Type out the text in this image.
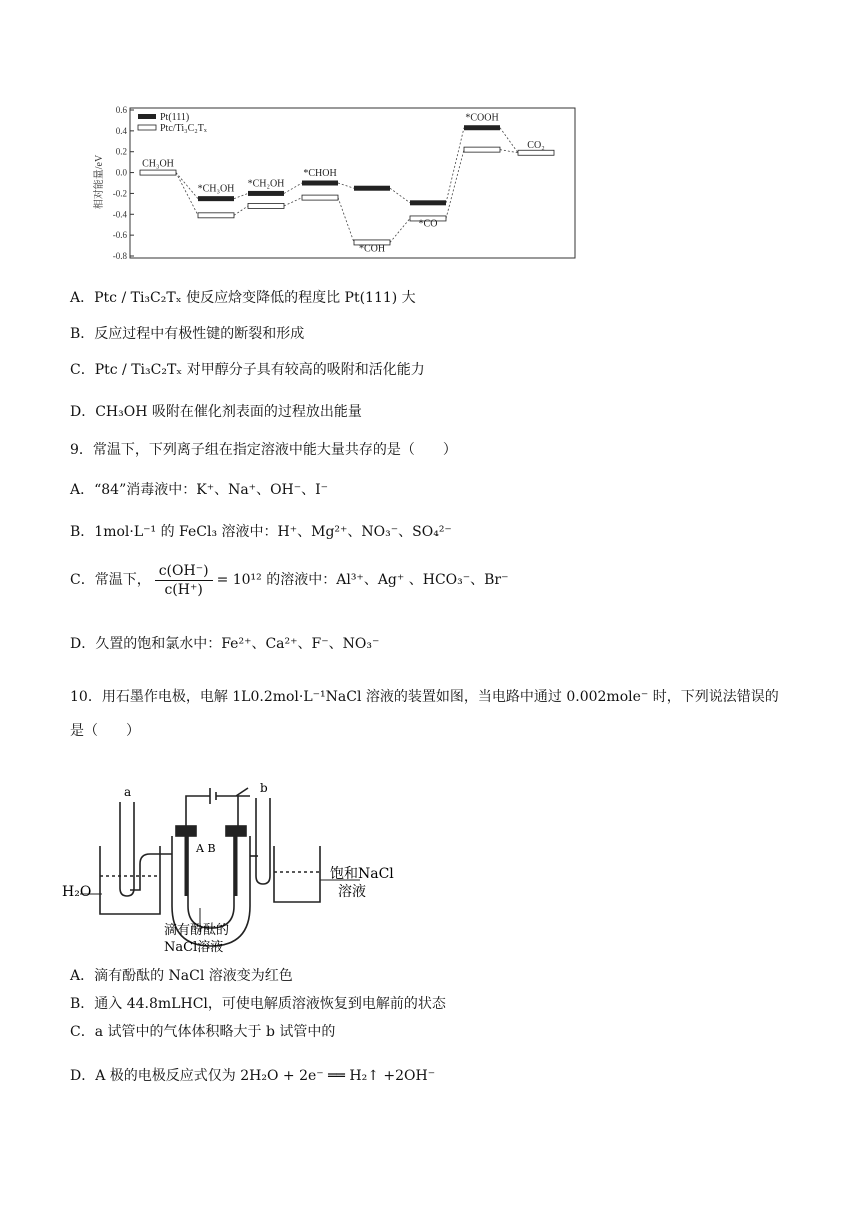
0.6
0.4
0.2
0.0
-0.2
-0.4
-0.6
-0.8
相对能量/eV
Pt(111)
Ptc/Ti₃C₂Tₓ
CH₃OH
*CH₃OH *CH₂OH
*CHOH
*COH
*CO
*COOH
CO₂
A．Ptc / Ti₃C₂Tₓ 使反应焓变降低的程度比 Pt(111) 大
B．反应过程中有极性键的断裂和形成
C．Ptc / Ti₃C₂Tₓ 对甲醇分子具有较高的吸附和活化能力
D．CH₃OH 吸附在催化剂表面的过程放出能量
9．常温下，下列离子组在指定溶液中能大量共存的是（　　）
A．“84”消毒液中：K⁺、Na⁺、OH⁻、I⁻
B．1mol·L⁻¹ 的 FeCl₃ 溶液中：H⁺、Mg²⁺、NO₃⁻、SO₄²⁻
C．常温下， $\frac{c(OH^-)}{c(H^+)} = 10^{12}$ 的溶液中：Al³⁺、Ag⁺ 、HCO₃⁻、Br⁻
D．久置的饱和氯水中：Fe²⁺、Ca²⁺、F⁻、NO₃⁻
10．用石墨作电极，电解 1L0.2mol·L⁻¹NaCl 溶液的装置如图，当电路中通过 0.002mole⁻ 时，下列说法错误的是（　　）
a	b
A B
H₂O
饱和NaCl
溶液
滴有酚酞的
NaCl溶液
A．滴有酚酞的 NaCl 溶液变为红色
B．通入 44.8mLHCl，可使电解质溶液恢复到电解前的状态
C．a 试管中的气体体积略大于 b 试管中的
D．A 极的电极反应式仅为 2H₂O + 2e⁻ ══ H₂↑ +2OH⁻
